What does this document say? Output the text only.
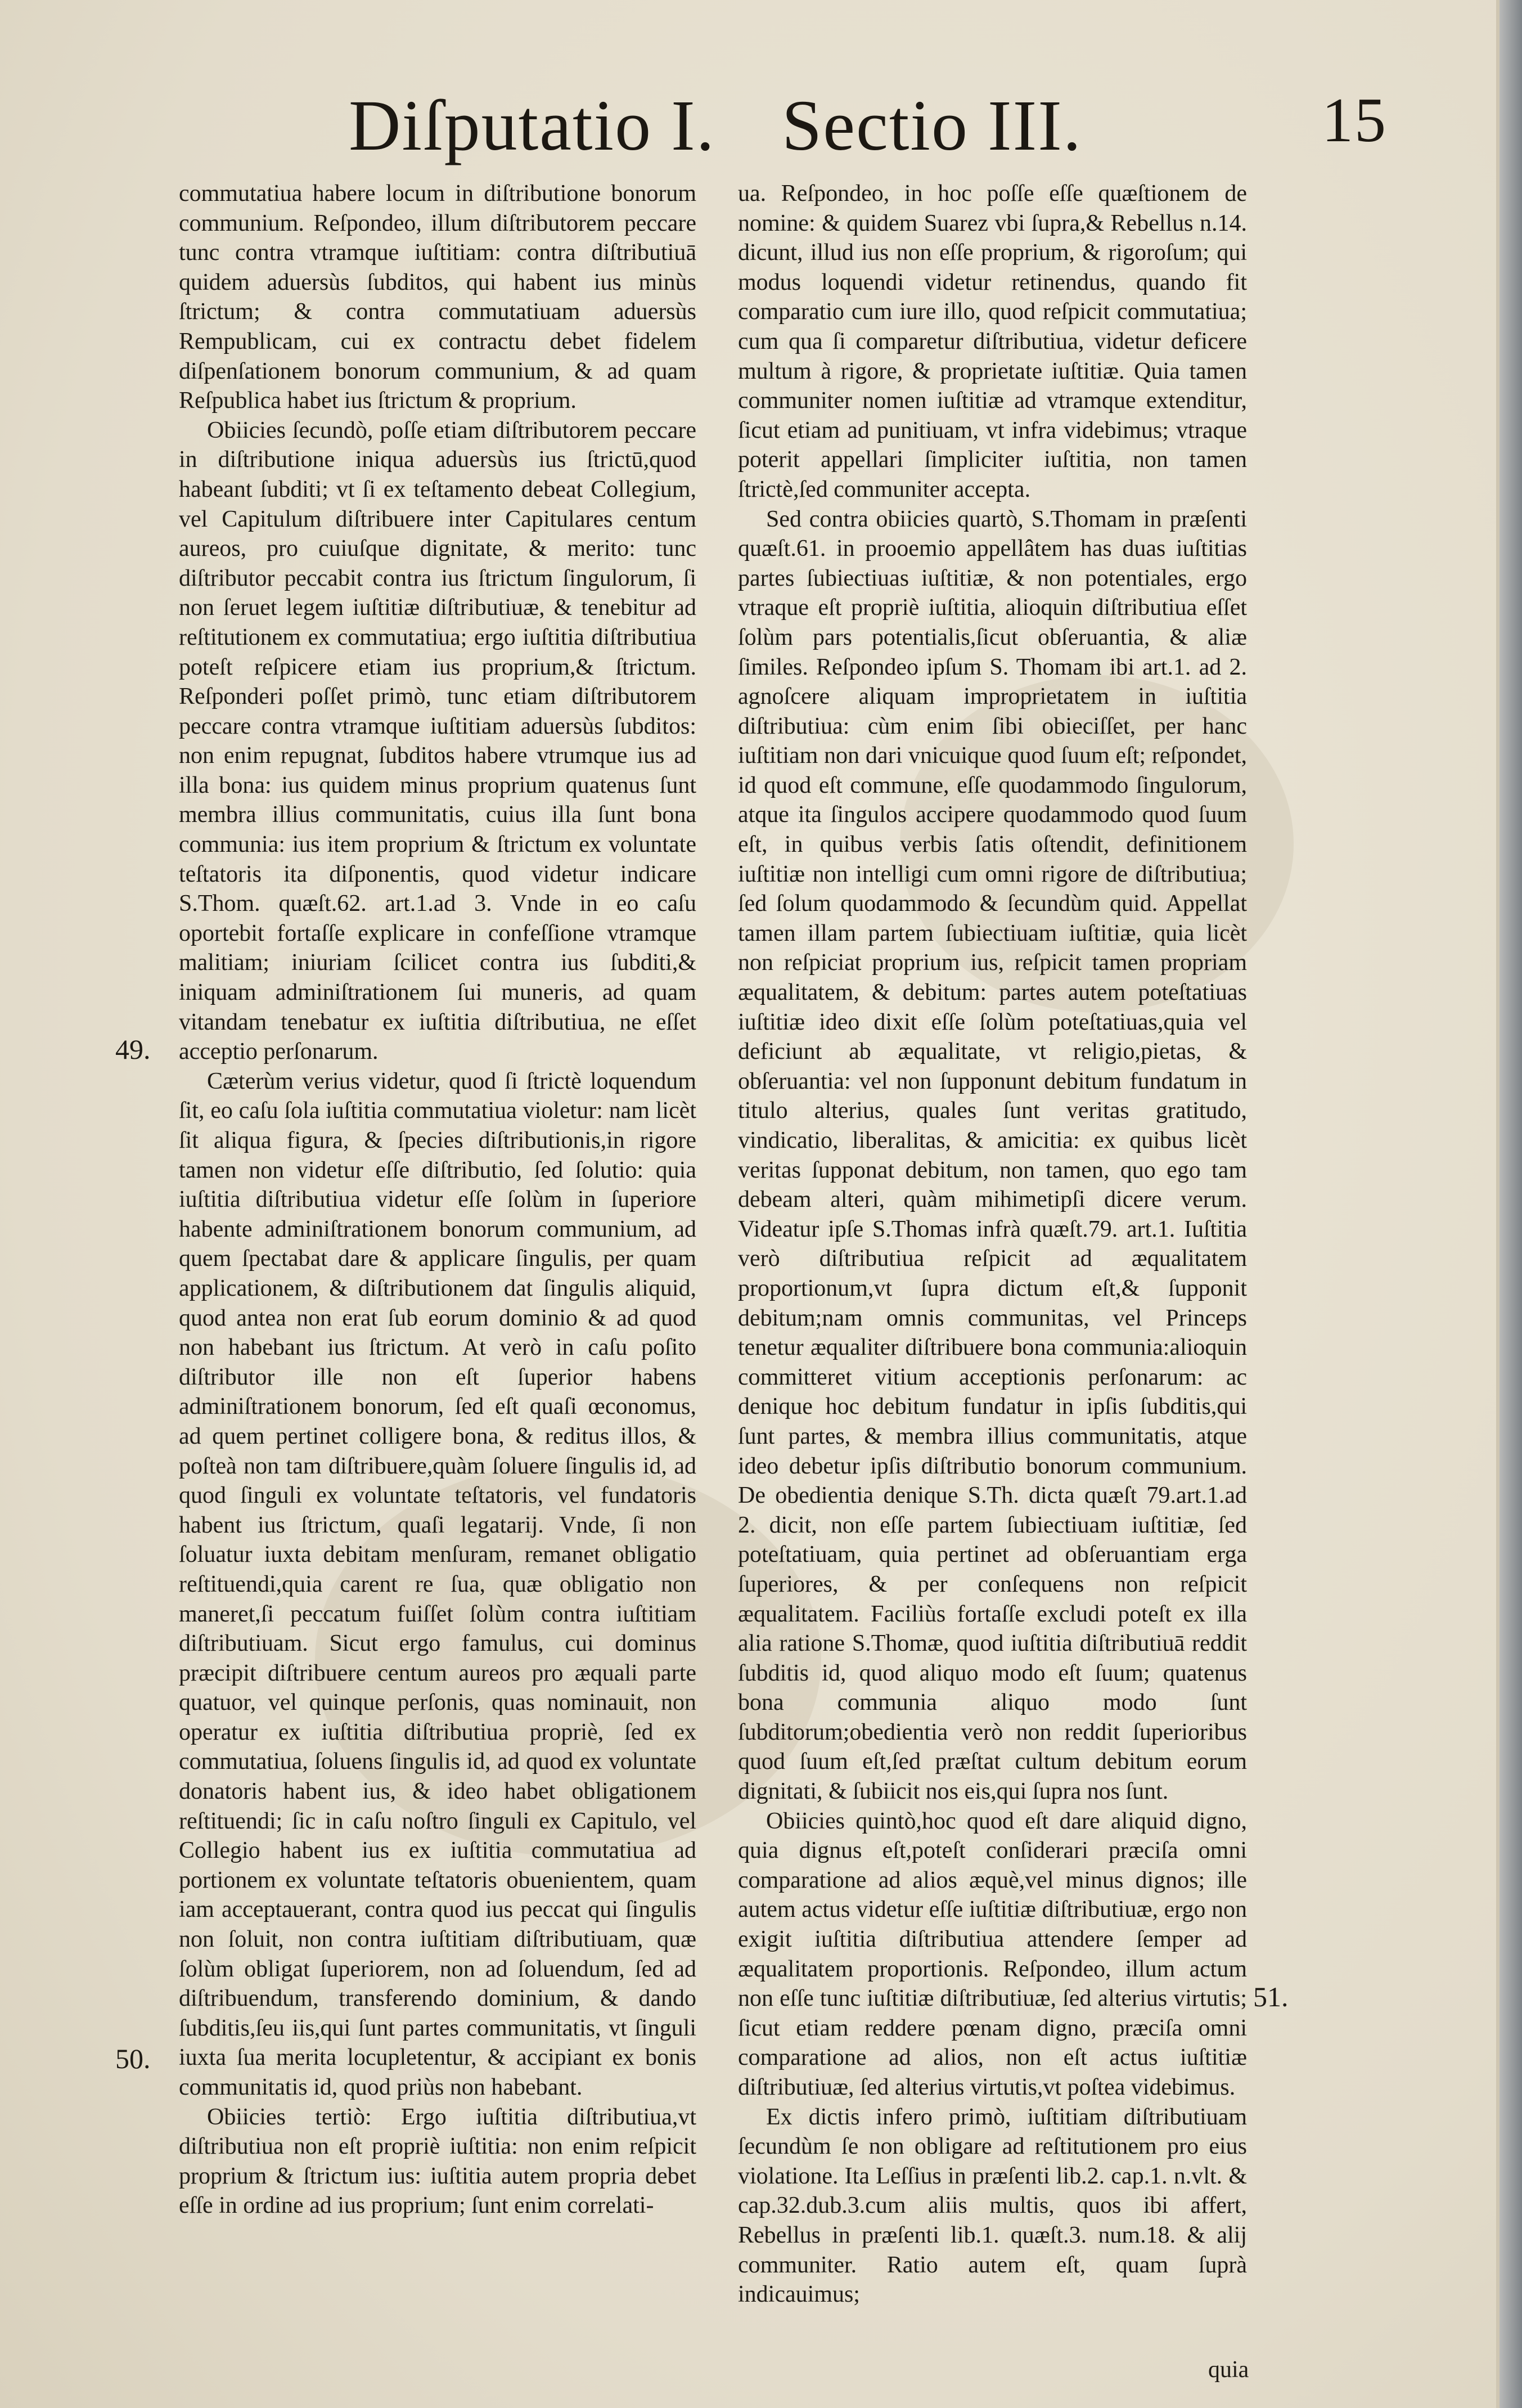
Diſputatio I. Sectio III.	15

commutatiua habere locum in diſtributione bonorum communium. Reſpondeo, illum diſtributorem peccare tunc contra vtramque iuſtitiam: contra diſtributiuā quidem aduersùs ſubditos, qui habent ius minùs ſtrictum; & contra commutatiuam aduersùs Rempublicam, cui ex contractu debet fidelem diſpenſationem bonorum communium, & ad quam Reſpublica habet ius ſtrictum & proprium.

Obiicies ſecundò, poſſe etiam diſtributorem peccare in diſtributione iniqua aduersùs ius ſtrictū,quod habeant ſubditi; vt ſi ex teſtamento debeat Collegium, vel Capitulum diſtribuere inter Capitulares centum aureos, pro cuiuſque dignitate, & merito: tunc diſtributor peccabit contra ius ſtrictum ſingulorum, ſi non ſeruet legem iuſtitiæ diſtributiuæ, & tenebitur ad reſtitutionem ex commutatiua; ergo iuſtitia diſtributiua poteſt reſpicere etiam ius proprium,& ſtrictum. Reſponderi poſſet primò, tunc etiam diſtributorem peccare contra vtramque iuſtitiam aduersùs ſubditos: non enim repugnat, ſubditos habere vtrumque ius ad illa bona: ius quidem minus proprium quatenus ſunt membra illius communitatis, cuius illa ſunt bona communia: ius item proprium & ſtrictum ex voluntate teſtatoris ita diſponentis, quod videtur indicare S.Thom. quæſt.62. art.1.ad 3. Vnde in eo caſu oportebit fortaſſe explicare in confeſſione vtramque malitiam; iniuriam ſcilicet contra ius ſubditi,& iniquam adminiſtrationem ſui muneris, ad quam vitandam tenebatur ex iuſtitia diſtributiua, ne eſſet acceptio perſonarum.

Cæterùm verius videtur, quod ſi ſtrictè loquendum ſit, eo caſu ſola iuſtitia commutatiua violetur: nam licèt ſit aliqua figura, & ſpecies diſtributionis,in rigore tamen non videtur eſſe diſtributio, ſed ſolutio: quia iuſtitia diſtributiua videtur eſſe ſolùm in ſuperiore habente adminiſtrationem bonorum communium, ad quem ſpectabat dare & applicare ſingulis, per quam applicationem, & diſtributionem dat ſingulis aliquid, quod antea non erat ſub eorum dominio & ad quod non habebant ius ſtrictum. At verò in caſu poſito diſtributor ille non eſt ſuperior habens adminiſtrationem bonorum, ſed eſt quaſi œconomus, ad quem pertinet colligere bona, & reditus illos, & poſteà non tam diſtribuere,quàm ſoluere ſingulis id, ad quod ſinguli ex voluntate teſtatoris, vel fundatoris habent ius ſtrictum, quaſi legatarij. Vnde, ſi non ſoluatur iuxta debitam menſuram, remanet obligatio reſtituendi,quia carent re ſua, quæ obligatio non maneret,ſi peccatum fuiſſet ſolùm contra iuſtitiam diſtributiuam. Sicut ergo famulus, cui dominus præcipit diſtribuere centum aureos pro æquali parte quatuor, vel quinque perſonis, quas nominauit, non operatur ex iuſtitia diſtributiua propriè, ſed ex commutatiua, ſoluens ſingulis id, ad quod ex voluntate donatoris habent ius, & ideo habet obligationem reſtituendi; ſic in caſu noſtro ſinguli ex Capitulo, vel Collegio habent ius ex iuſtitia commutatiua ad portionem ex voluntate teſtatoris obuenientem, quam iam acceptauerant, contra quod ius peccat qui ſingulis non ſoluit, non contra iuſtitiam diſtributiuam, quæ ſolùm obligat ſuperiorem, non ad ſoluendum, ſed ad diſtribuendum, transferendo dominium, & dando ſubditis,ſeu iis,qui ſunt partes communitatis, vt ſinguli iuxta ſua merita locupletentur, & accipiant ex bonis communitatis id, quod priùs non habebant.

Obiicies tertiò: Ergo iuſtitia diſtributiua,vt diſtributiua non eſt propriè iuſtitia: non enim reſpicit proprium & ſtrictum ius: iuſtitia autem propria debet eſſe in ordine ad ius proprium; ſunt enim correlati-

ua. Reſpondeo, in hoc poſſe eſſe quæſtionem de nomine: & quidem Suarez vbi ſupra,& Rebellus n.14. dicunt, illud ius non eſſe proprium, & rigoroſum; qui modus loquendi videtur retinendus, quando fit comparatio cum iure illo, quod reſpicit commutatiua; cum qua ſi comparetur diſtributiua, videtur deficere multum à rigore, & proprietate iuſtitiæ. Quia tamen communiter nomen iuſtitiæ ad vtramque extenditur, ſicut etiam ad punitiuam, vt infra videbimus; vtraque poterit appellari ſimpliciter iuſtitia, non tamen ſtrictè,ſed communiter accepta.

Sed contra obiicies quartò, S.Thomam in præſenti quæſt.61. in prooemio appellâtem has duas iuſtitias partes ſubiectiuas iuſtitiæ, & non potentiales, ergo vtraque eſt propriè iuſtitia, alioquin diſtributiua eſſet ſolùm pars potentialis,ſicut obſeruantia, & aliæ ſimiles. Reſpondeo ipſum S. Thomam ibi art.1. ad 2. agnoſcere aliquam improprietatem in iuſtitia diſtributiua: cùm enim ſibi obieciſſet, per hanc iuſtitiam non dari vnicuique quod ſuum eſt; reſpondet, id quod eſt commune, eſſe quodammodo ſingulorum, atque ita ſingulos accipere quodammodo quod ſuum eſt, in quibus verbis ſatis oſtendit, definitionem iuſtitiæ non intelligi cum omni rigore de diſtributiua; ſed ſolum quodammodo & ſecundùm quid. Appellat tamen illam partem ſubiectiuam iuſtitiæ, quia licèt non reſpiciat proprium ius, reſpicit tamen propriam æqualitatem, & debitum: partes autem poteſtatiuas iuſtitiæ ideo dixit eſſe ſolùm poteſtatiuas,quia vel deficiunt ab æqualitate, vt religio,pietas, & obſeruantia: vel non ſupponunt debitum fundatum in titulo alterius, quales ſunt veritas gratitudo, vindicatio, liberalitas, & amicitia: ex quibus licèt veritas ſupponat debitum, non tamen, quo ego tam debeam alteri, quàm mihimetipſi dicere verum. Videatur ipſe S.Thomas infrà quæſt.79. art.1. Iuſtitia verò diſtributiua reſpicit ad æqualitatem proportionum,vt ſupra dictum eſt,& ſupponit debitum;nam omnis communitas, vel Princeps tenetur æqualiter diſtribuere bona communia:alioquin committeret vitium acceptionis perſonarum: ac denique hoc debitum fundatur in ipſis ſubditis,qui ſunt partes, & membra illius communitatis, atque ideo debetur ipſis diſtributio bonorum communium. De obedientia denique S.Th. dicta quæſt 79.art.1.ad 2. dicit, non eſſe partem ſubiectiuam iuſtitiæ, ſed poteſtatiuam, quia pertinet ad obſeruantiam erga ſuperiores, & per conſequens non reſpicit æqualitatem. Faciliùs fortaſſe excludi poteſt ex illa alia ratione S.Thomæ, quod iuſtitia diſtributiuā reddit ſubditis id, quod aliquo modo eſt ſuum; quatenus bona communia aliquo modo ſunt ſubditorum;obedientia verò non reddit ſuperioribus quod ſuum eſt,ſed præſtat cultum debitum eorum dignitati, & ſubiicit nos eis,qui ſupra nos ſunt.

Obiicies quintò,hoc quod eſt dare aliquid digno, quia dignus eſt,poteſt conſiderari præciſa omni comparatione ad alios æquè,vel minus dignos; ille autem actus videtur eſſe iuſtitiæ diſtributiuæ, ergo non exigit iuſtitia diſtributiua attendere ſemper ad æqualitatem proportionis. Reſpondeo, illum actum non eſſe tunc iuſtitiæ diſtributiuæ, ſed alterius virtutis; ſicut etiam reddere pœnam digno, præciſa omni comparatione ad alios, non eſt actus iuſtitiæ diſtributiuæ, ſed alterius virtutis,vt poſtea videbimus.

Ex dictis infero primò, iuſtitiam diſtributiuam ſecundùm ſe non obligare ad reſtitutionem pro eius violatione. Ita Leſſius in præſenti lib.2. cap.1. n.vlt. & cap.32.dub.3.cum aliis multis, quos ibi affert, Rebellus in præſenti lib.1. quæſt.3. num.18. & alij communiter. Ratio autem eſt, quam ſuprà indicauimus;

49.
50.
51.
quia
